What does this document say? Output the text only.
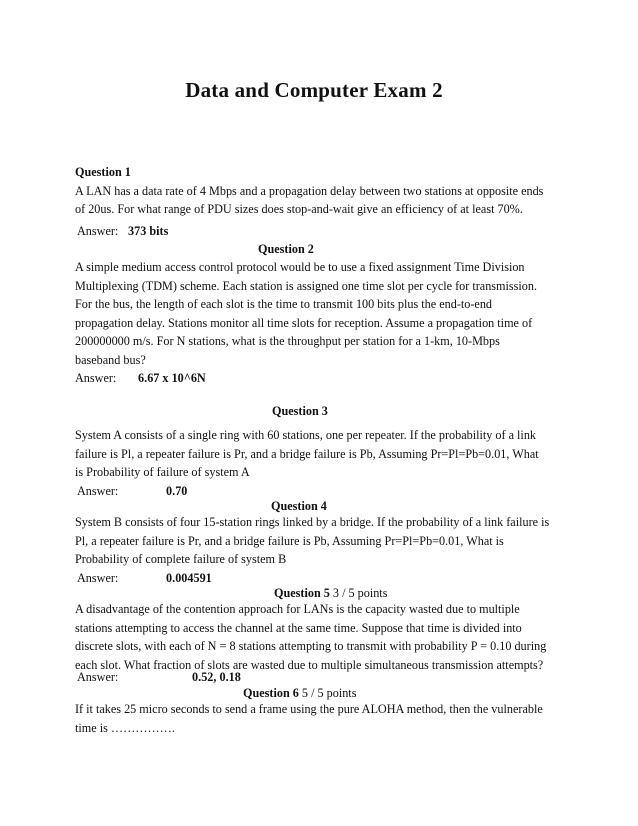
Data and Computer Exam 2
Question 1
A LAN has a data rate of 4 Mbps and a propagation delay between two stations at opposite ends
of 20us. For what range of PDU sizes does stop-and-wait give an efficiency of at least 70%.
Answer: 373 bits
Question 2
A simple medium access control protocol would be to use a fixed assignment Time Division
Multiplexing (TDM) scheme. Each station is assigned one time slot per cycle for transmission.
For the bus, the length of each slot is the time to transmit 100 bits plus the end-to-end
propagation delay. Stations monitor all time slots for reception. Assume a propagation time of
200000000 m/s. For N stations, what is the throughput per station for a 1-km, 10-Mbps
baseband bus?
Answer: 6.67 x 10^6N
Question 3
System A consists of a single ring with 60 stations, one per repeater. If the probability of a link
failure is Pl, a repeater failure is Pr, and a bridge failure is Pb, Assuming Pr=Pl=Pb=0.01, What
is Probability of failure of system A
Answer:	0.70
Question 4
System B consists of four 15-station rings linked by a bridge. If the probability of a link failure is
Pl, a repeater failure is Pr, and a bridge failure is Pb, Assuming Pr=Pl=Pb=0.01, What is
Probability of complete failure of system B
Answer:	0.004591
Question 5 3 / 5 points
A disadvantage of the contention approach for LANs is the capacity wasted due to multiple
stations attempting to access the channel at the same time. Suppose that time is divided into
discrete slots, with each of N = 8 stations attempting to transmit with probability P = 0.10 during
each slot. What fraction of slots are wasted due to multiple simultaneous transmission attempts?
Answer:	0.52, 0.18
Question 6 5 / 5 points
If it takes 25 micro seconds to send a frame using the pure ALOHA method, then the vulnerable
time is …………….
